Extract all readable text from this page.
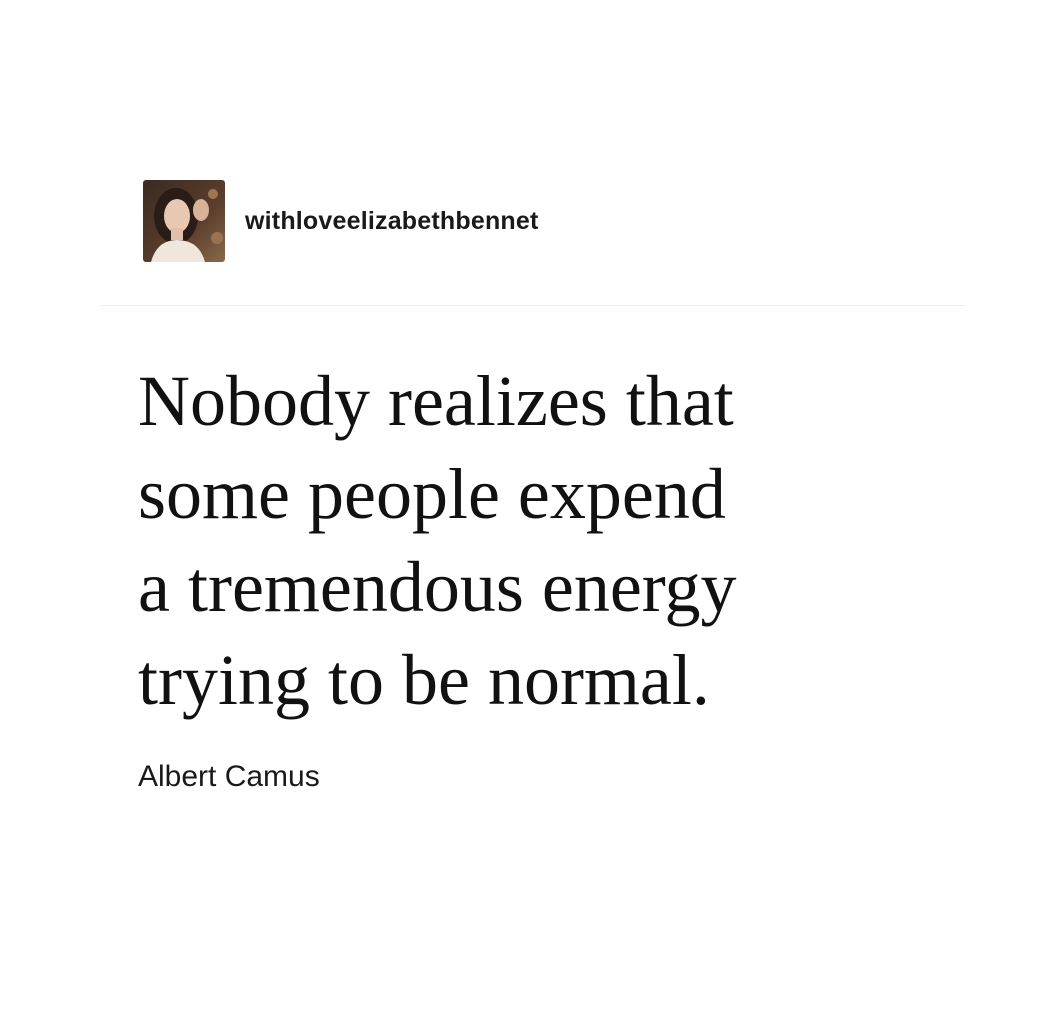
withloveelizabethbennet

Nobody realizes that
some people expend
a tremendous energy
trying to be normal.

Albert Camus
